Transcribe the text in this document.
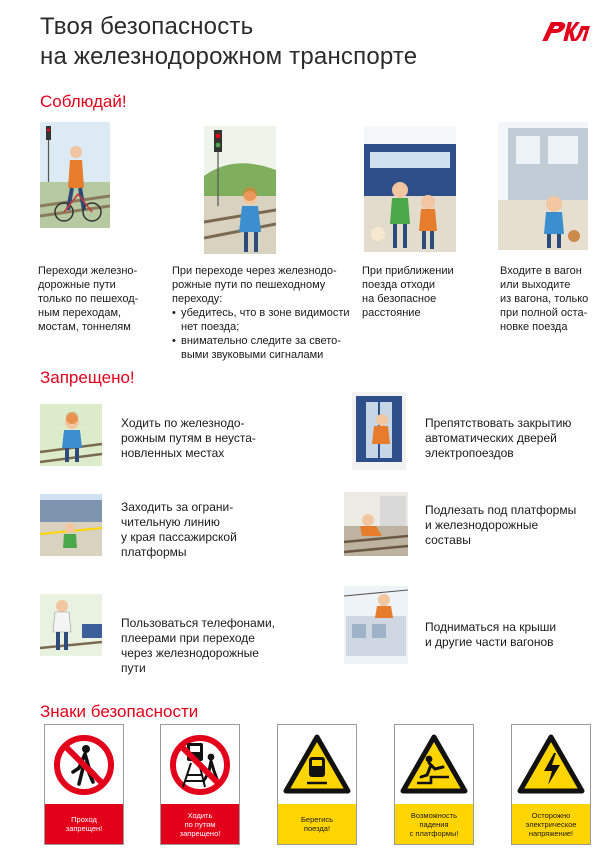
Твоя безопасность
на железнодорожном транспорте
Соблюдай!
Переходи железно-
дорожные пути
только по пешеход-
ным переходам,
мостам, тоннелям
При переходе через железнодо-
рожные пути по пешеходному
переходу:
• убедитесь, что в зоне видимости нет поезда;
• внимательно следите за свето-выми звуковыми сигналами
При приближении
поезда отходи
на безопасное
расстояние
Входите в вагон
или выходите
из вагона, только
при полной оста-
новке поезда
Запрещено!
Ходить по железнодо-
рожным путям в неуста-
новленных местах
Препятствовать закрытию
автоматических дверей
электропоездов
Заходить за ограни-
чительную линию
у края пассажирской
платформы
Подлезать под платформы
и железнодорожные
составы
Пользоваться телефонами,
плеерами при переходе
через железнодорожные
пути
Подниматься на крыши
и другие части вагонов
Знаки безопасности
Проход
запрещен!
Ходить
по путям
запрещено!
Берегись
поезда!
Возможность
падения
с платформы!
Осторожно
электрическое
напряжение!
